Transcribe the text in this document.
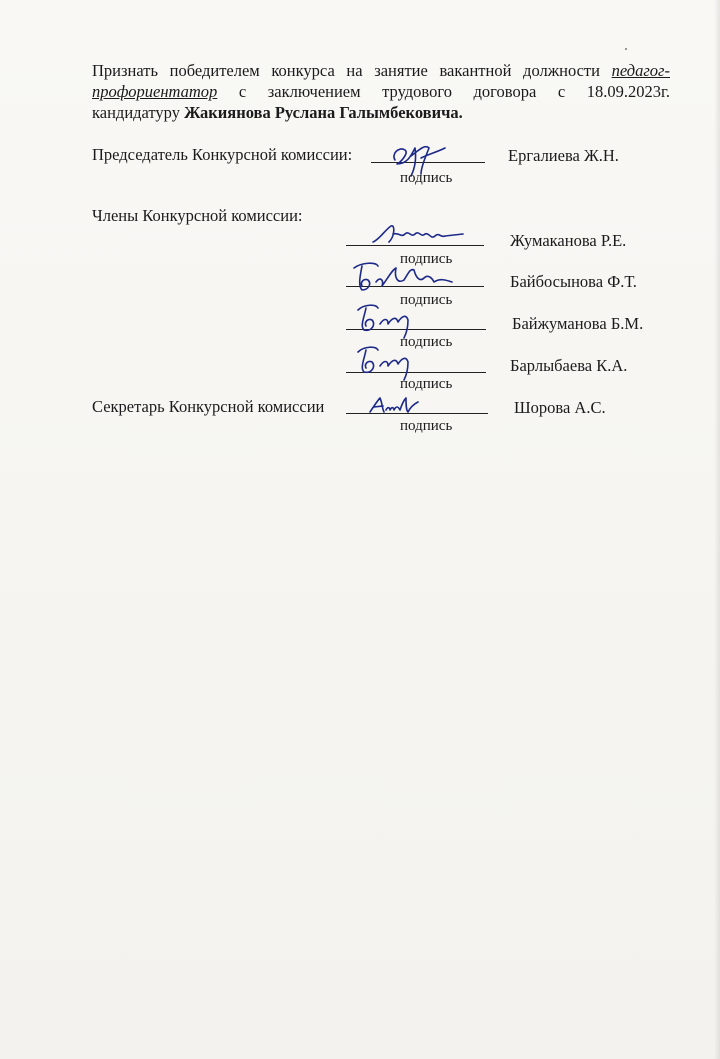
Признать победителем конкурса на занятие вакантной должности педагог-
профориентатор с заключением трудового договора с 18.09.2023г.
кандидатуру Жакиянова Руслана Галымбековича.

Председатель Конкурсной комиссии:
подпись
Ергалиева Ж.Н.
Члены Конкурсной комиссии:
подпись
Жумаканова Р.Е.
подпись
Байбосынова Ф.Т.
подпись
Байжуманова Б.М.
подпись
Барлыбаева К.А.
Секретарь Конкурсной комиссии
подпись
Шорова А.С.
